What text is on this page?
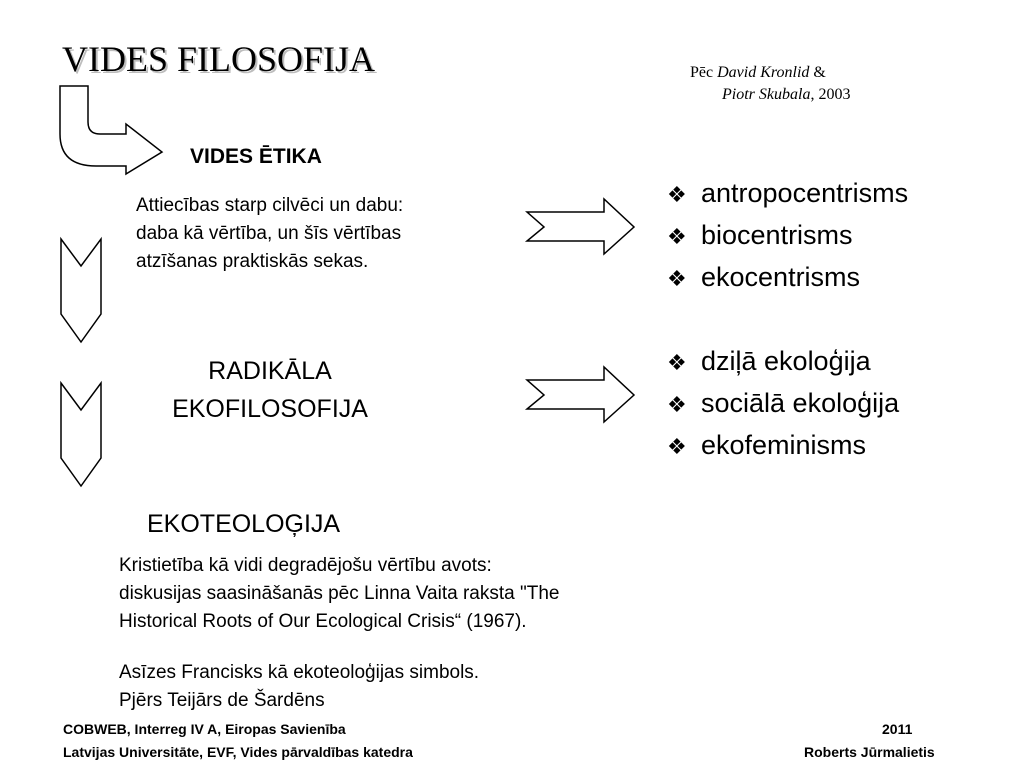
VIDES FILOSOFIJA	Pēc David Kronlid &
Piotr Skubala, 2003
VIDES ĒTIKA
Attiecības starp cilvēci un dabu:
daba kā vērtība, un šīs vērtības
atzīšanas praktiskās sekas.
❖ antropocentrisms
❖ biocentrisms
❖ ekocentrisms
RADIKĀLA
EKOFILOSOFIJA
❖ dziļā ekoloģija
❖ sociālā ekoloģija
❖ ekofeminisms
EKOTEOLOĢIJA
Kristietība kā vidi degradējošu vērtību avots:
diskusijas saasināšanās pēc Linna Vaita raksta "The
Historical Roots of Our Ecological Crisis“ (1967).
Asīzes Francisks kā ekoteoloģijas simbols.
Pjērs Teijārs de Šardēns
COBWEB, Interreg IV A, Eiropas Savienība
Latvijas Universitāte, EVF, Vides pārvaldības katedra
2011
Roberts Jūrmalietis
